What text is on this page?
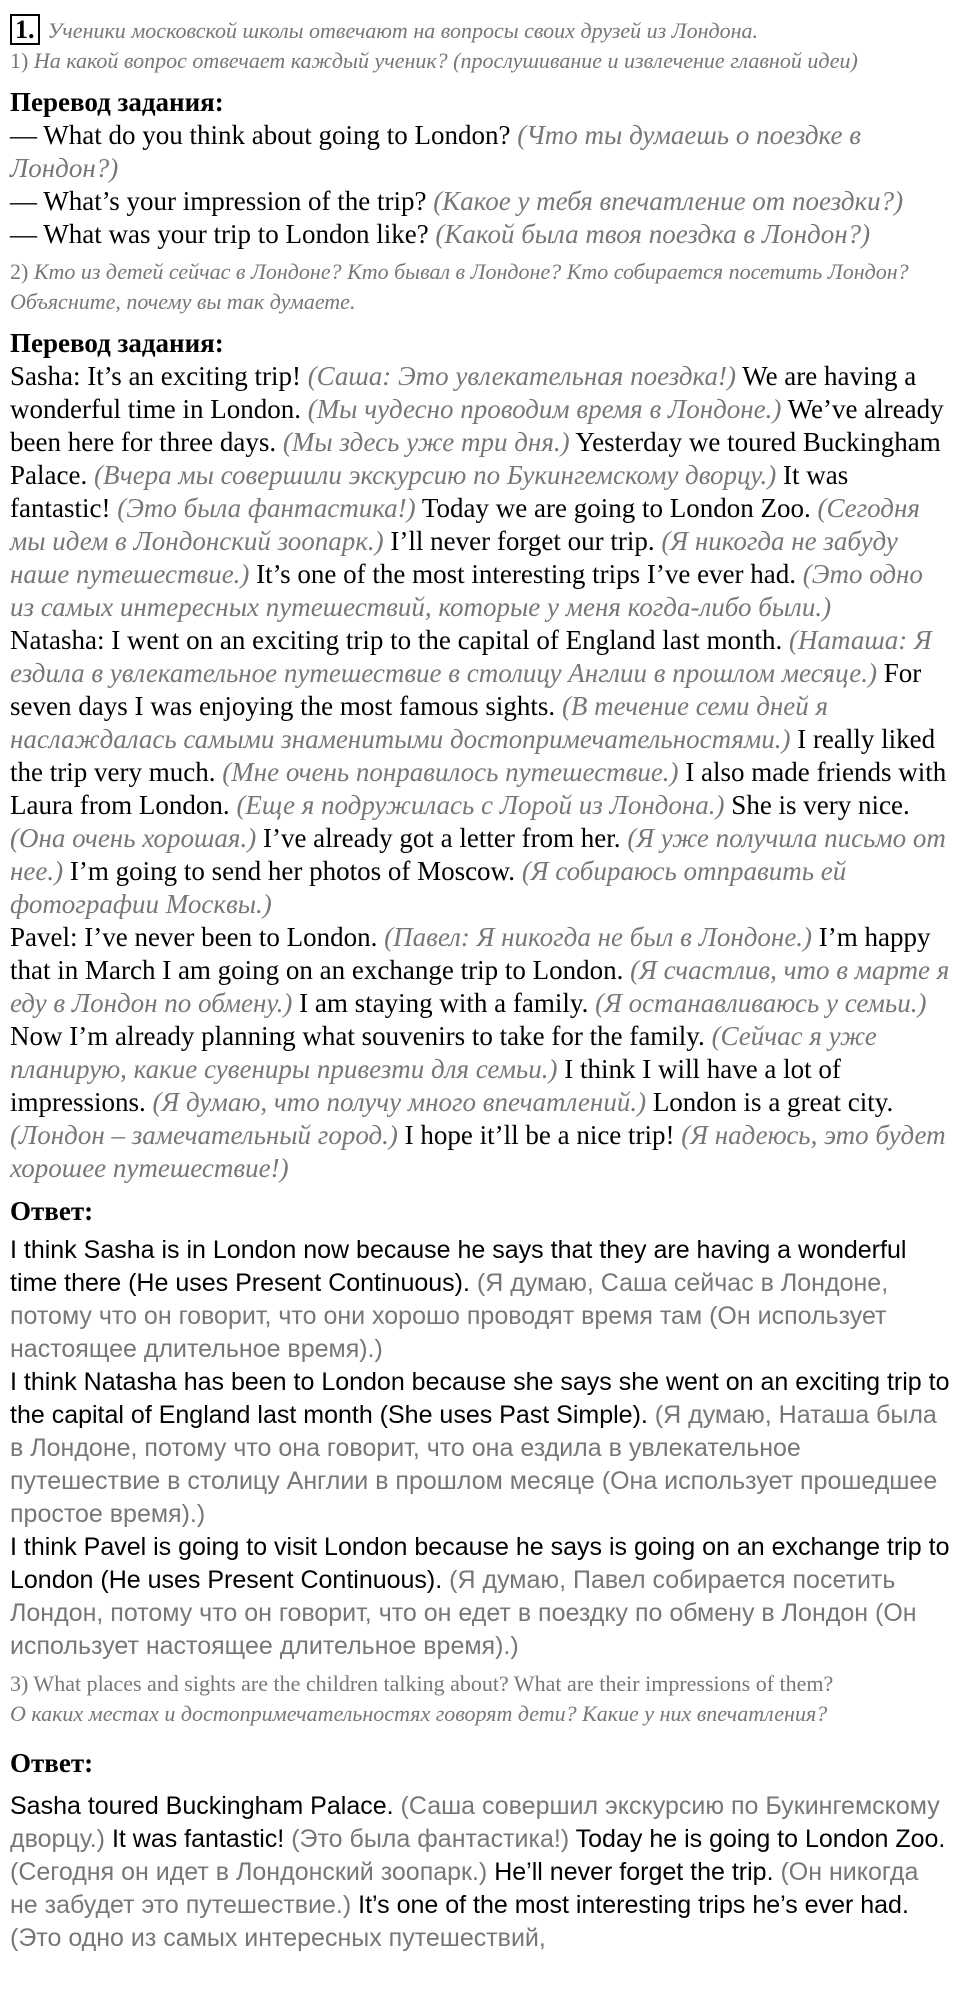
1. Ученики московской школы отвечают на вопросы своих друзей из Лондона.

1) На какой вопрос отвечает каждый ученик? (прослушивание и извлечение главной идеи)

Перевод задания:

— What do you think about going to London? (Что ты думаешь о поездке в Лондон?)

— What’s your impression of the trip? (Какое у тебя впечатление от поездки?)

— What was your trip to London like? (Какой была твоя поездка в Лондон?)

2) Кто из детей сейчас в Лондоне? Кто бывал в Лондоне? Кто собирается посетить Лондон? Объясните, почему вы так думаете.

Перевод задания:

Sasha: It’s an exciting trip! (Саша: Это увлекательная поездка!) We are having a wonderful time in London. (Мы чудесно проводим время в Лондоне.) We’ve already been here for three days. (Мы здесь уже три дня.) Yesterday we toured Buckingham Palace. (Вчера мы совершили экскурсию по Букингемскому дворцу.) It was fantastic! (Это была фантастика!) Today we are going to London Zoo. (Сегодня мы идем в Лондонский зоопарк.) I’ll never forget our trip. (Я никогда не забуду наше путешествие.) It’s one of the most interesting trips I’ve ever had. (Это одно из самых интересных путешествий, которые у меня когда-либо были.)

Natasha: I went on an exciting trip to the capital of England last month. (Наташа: Я ездила в увлекательное путешествие в столицу Англии в прошлом месяце.) For seven days I was enjoying the most famous sights. (В течение семи дней я наслаждалась самыми знаменитыми достопримечательностями.) I really liked the trip very much. (Мне очень понравилось путешествие.) I also made friends with Laura from London. (Еще я подружилась с Лорой из Лондона.) She is very nice. (Она очень хорошая.) I’ve already got a letter from her. (Я уже получила письмо от нее.) I’m going to send her photos of Moscow. (Я собираюсь отправить ей фотографии Москвы.)

Pavel: I’ve never been to London. (Павел: Я никогда не был в Лондоне.) I’m happy that in March I am going on an exchange trip to London. (Я счастлив, что в марте я еду в Лондон по обмену.) I am staying with a family. (Я останавливаюсь у семьи.) Now I’m already planning what souvenirs to take for the family. (Сейчас я уже планирую, какие сувениры привезти для семьи.) I think I will have a lot of impressions. (Я думаю, что получу много впечатлений.) London is a great city. (Лондон – замечательный город.) I hope it’ll be a nice trip! (Я надеюсь, это будет хорошее путешествие!)

Ответ:

I think Sasha is in London now because he says that they are having a wonderful time there (He uses Present Continuous). (Я думаю, Саша сейчас в Лондоне, потому что он говорит, что они хорошо проводят время там (Он использует настоящее длительное время).)

I think Natasha has been to London because she says she went on an exciting trip to the capital of England last month (She uses Past Simple). (Я думаю, Наташа была в Лондоне, потому что она говорит, что она ездила в увлекательное путешествие в столицу Англии в прошлом месяце (Она использует прошедшее простое время).)

I think Pavel is going to visit London because he says is going on an exchange trip to London (He uses Present Continuous). (Я думаю, Павел собирается посетить Лондон, потому что он говорит, что он едет в поездку по обмену в Лондон (Он использует настоящее длительное время).)

3) What places and sights are the children talking about? What are their impressions of them?

О каких местах и достопримечательностях говорят дети? Какие у них впечатления?

Ответ:

Sasha toured Buckingham Palace. (Саша совершил экскурсию по Букингемскому дворцу.) It was fantastic! (Это была фантастика!) Today he is going to London Zoo. (Сегодня он идет в Лондонский зоопарк.) He’ll never forget the trip. (Он никогда не забудет это путешествие.) It’s one of the most interesting trips he’s ever had. (Это одно из самых интересных путешествий,
